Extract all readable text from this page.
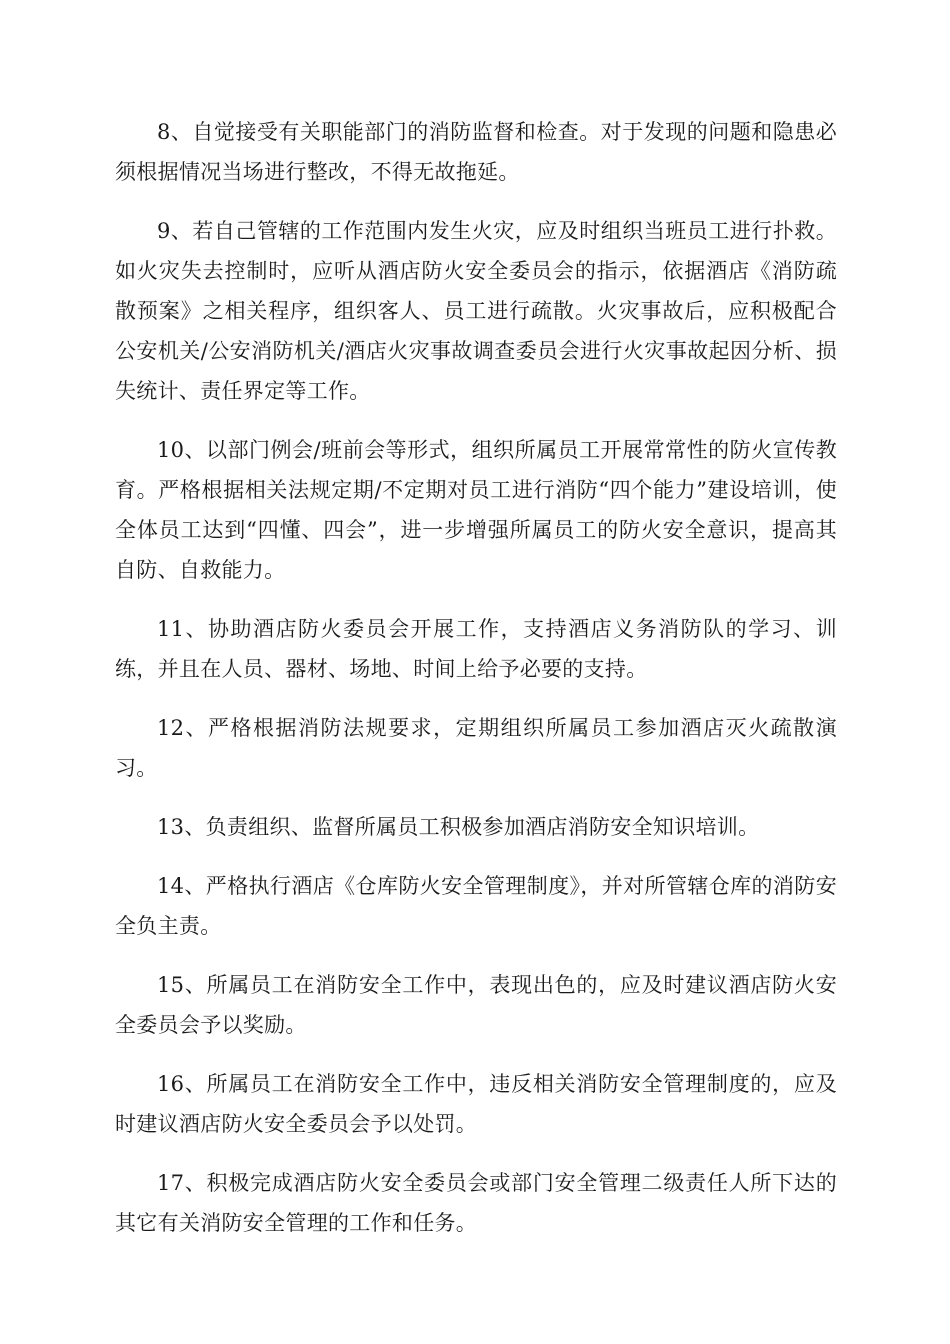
8、自觉接受有关职能部门的消防监督和检查。对于发现的问题和隐患必须根据情况当场进行整改，不得无故拖延。

9、若自己管辖的工作范围内发生火灾，应及时组织当班员工进行扑救。如火灾失去控制时，应听从酒店防火安全委员会的指示，依据酒店《消防疏散预案》之相关程序，组织客人、员工进行疏散。火灾事故后，应积极配合公安机关/公安消防机关/酒店火灾事故调查委员会进行火灾事故起因分析、损失统计、责任界定等工作。

10、以部门例会/班前会等形式，组织所属员工开展常常性的防火宣传教育。严格根据相关法规定期/不定期对员工进行消防“四个能力”建设培训，使全体员工达到“四懂、四会”，进一步增强所属员工的防火安全意识，提高其自防、自救能力。

11、协助酒店防火委员会开展工作，支持酒店义务消防队的学习、训练，并且在人员、器材、场地、时间上给予必要的支持。

12、严格根据消防法规要求，定期组织所属员工参加酒店灭火疏散演习。

13、负责组织、监督所属员工积极参加酒店消防安全知识培训。

14、严格执行酒店《仓库防火安全管理制度》，并对所管辖仓库的消防安全负主责。

15、所属员工在消防安全工作中，表现出色的，应及时建议酒店防火安全委员会予以奖励。

16、所属员工在消防安全工作中，违反相关消防安全管理制度的，应及时建议酒店防火安全委员会予以处罚。

17、积极完成酒店防火安全委员会或部门安全管理二级责任人所下达的其它有关消防安全管理的工作和任务。
